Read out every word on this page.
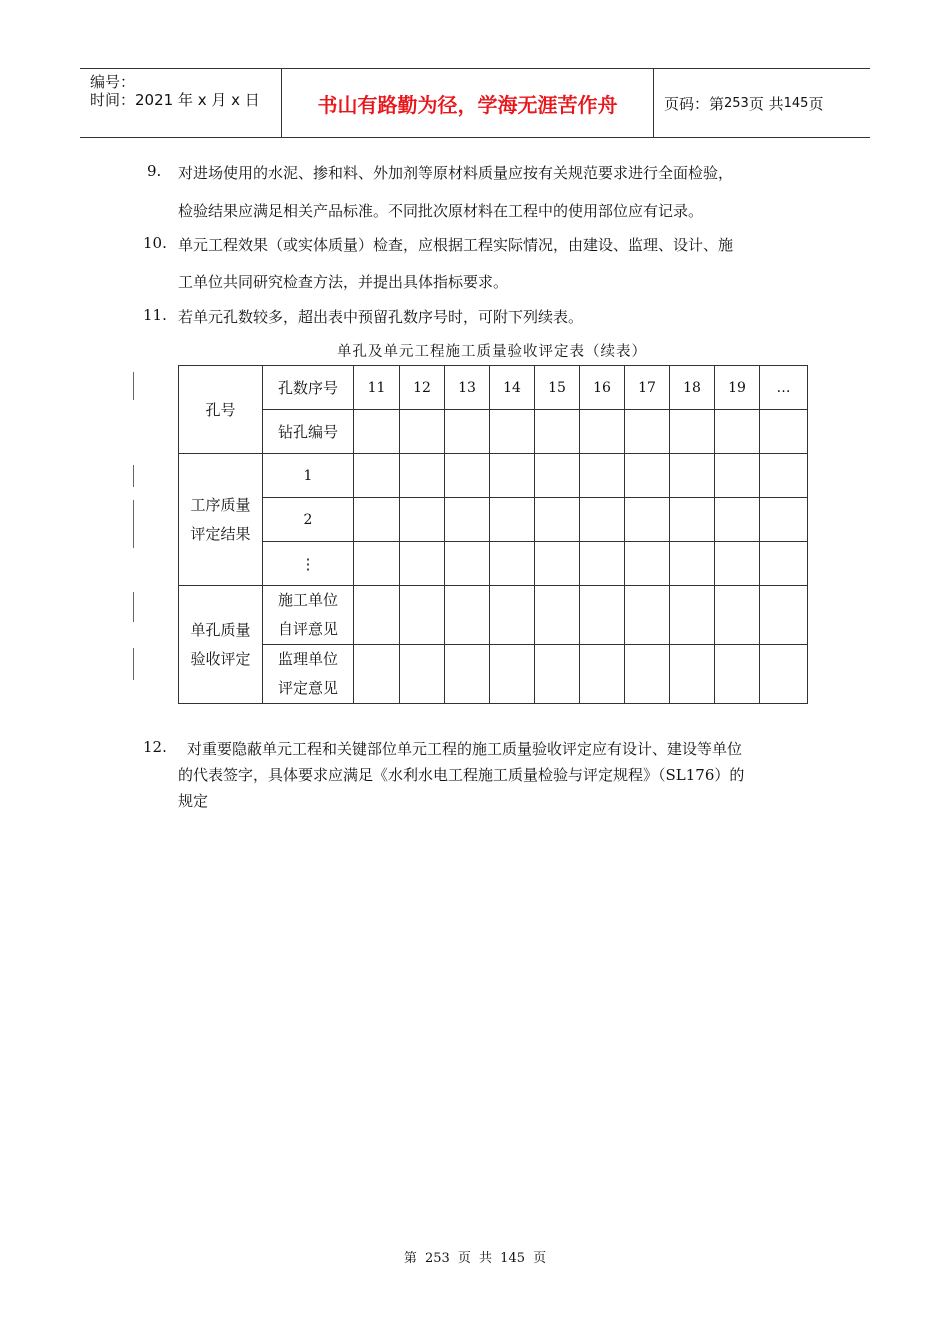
编号：
时间：2021 年 x 月 x 日	书山有路勤为径，学海无涯苦作舟	页码：第 253 页 共 145 页
9. 对进场使用的水泥、掺和料、外加剂等原材料质量应按有关规范要求进行全面检验，
检验结果应满足相关产品标准。不同批次原材料在工程中的使用部位应有记录。
10. 单元工程效果（或实体质量）检查，应根据工程实际情况，由建设、监理、设计、施
工单位共同研究检查方法，并提出具体指标要求。
11. 若单元孔数较多，超出表中预留孔数序号时，可附下列续表。
单孔及单元工程施工质量验收评定表（续表）
孔号	孔数序号	11	12	13	14	15	16	17	18	19	…
	钻孔编号										
工序质量
评定结果	1										
	2										
	⋮										
单孔质量
验收评定	施工单位
自评意见										
	监理单位
评定意见										
12. 对重要隐蔽单元工程和关键部位单元工程的施工质量验收评定应有设计、建设等单位
的代表签字，具体要求应满足《水利水电工程施工质量检验与评定规程》（SL176）的
规定
第 253 页 共 145 页
